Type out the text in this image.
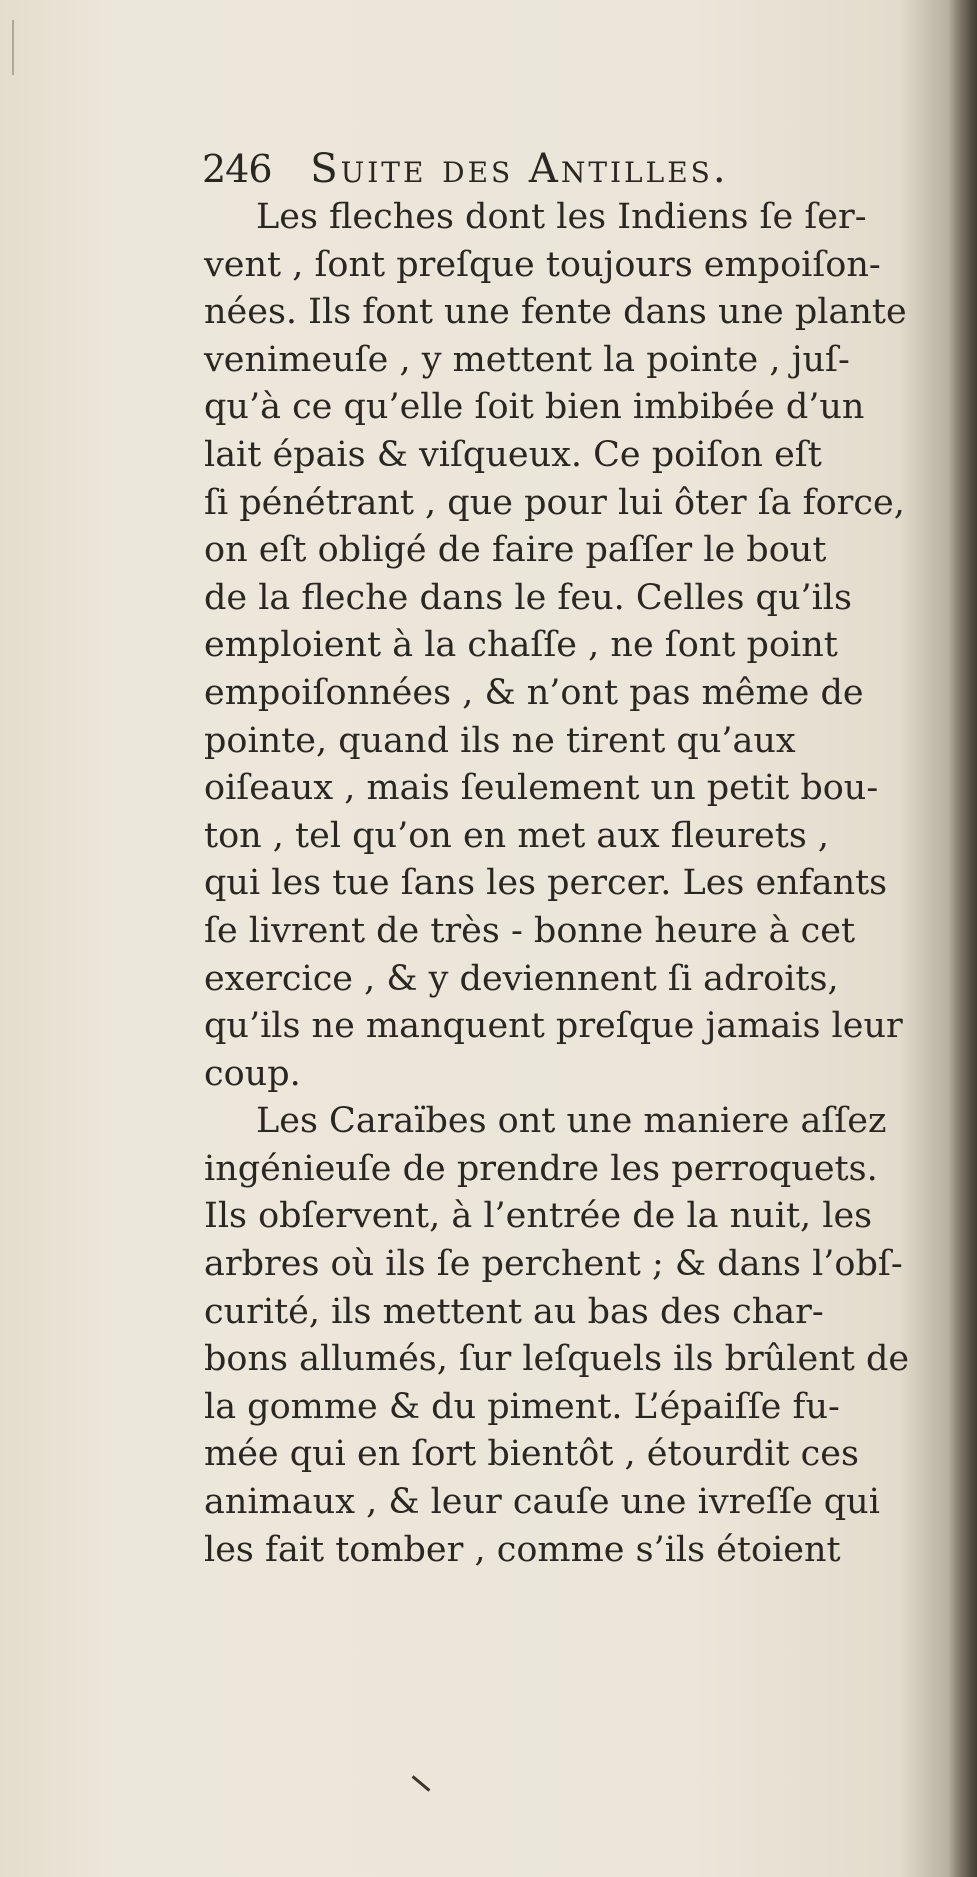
246 Suite des Antilles.
Les fleches dont les Indiens ſe ſer-
vent , ſont preſque toujours empoiſon-
nées. Ils font une fente dans une plante
venimeuſe , y mettent la pointe , juſ-
qu’à ce qu’elle ſoit bien imbibée d’un
lait épais & viſqueux. Ce poiſon eſt
ſi pénétrant , que pour lui ôter ſa force,
on eſt obligé de faire paſſer le bout
de la fleche dans le feu. Celles qu’ils
emploient à la chaſſe , ne ſont point
empoiſonnées , & n’ont pas même de
pointe, quand ils ne tirent qu’aux
oiſeaux , mais ſeulement un petit bou-
ton , tel qu’on en met aux fleurets ,
qui les tue ſans les percer. Les enfants
ſe livrent de très - bonne heure à cet
exercice , & y deviennent ſi adroits,
qu’ils ne manquent preſque jamais leur
coup.
Les Caraïbes ont une maniere aſſez
ingénieuſe de prendre les perroquets.
Ils obſervent, à l’entrée de la nuit, les
arbres où ils ſe perchent ; & dans l’obſ-
curité, ils mettent au bas des char-
bons allumés, ſur leſquels ils brûlent de
la gomme & du piment. L’épaiſſe fu-
mée qui en ſort bientôt , étourdit ces
animaux , & leur cauſe une ivreſſe qui
les fait tomber , comme s’ils étoient
